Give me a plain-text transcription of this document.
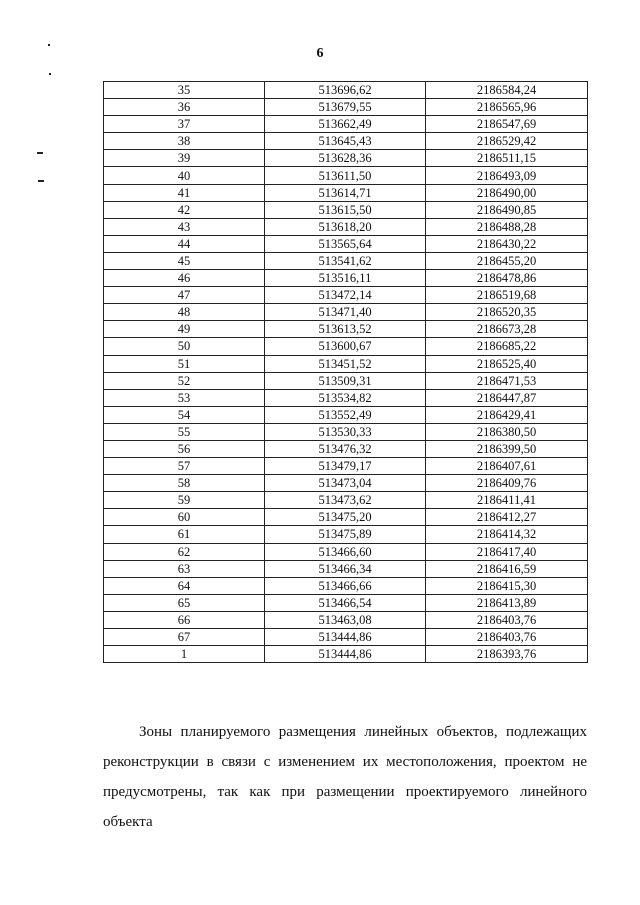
6
35	513696,62	2186584,24
36	513679,55	2186565,96
37	513662,49	2186547,69
38	513645,43	2186529,42
39	513628,36	2186511,15
40	513611,50	2186493,09
41	513614,71	2186490,00
42	513615,50	2186490,85
43	513618,20	2186488,28
44	513565,64	2186430,22
45	513541,62	2186455,20
46	513516,11	2186478,86
47	513472,14	2186519,68
48	513471,40	2186520,35
49	513613,52	2186673,28
50	513600,67	2186685,22
51	513451,52	2186525,40
52	513509,31	2186471,53
53	513534,82	2186447,87
54	513552,49	2186429,41
55	513530,33	2186380,50
56	513476,32	2186399,50
57	513479,17	2186407,61
58	513473,04	2186409,76
59	513473,62	2186411,41
60	513475,20	2186412,27
61	513475,89	2186414,32
62	513466,60	2186417,40
63	513466,34	2186416,59
64	513466,66	2186415,30
65	513466,54	2186413,89
66	513463,08	2186403,76
67	513444,86	2186403,76
1	513444,86	2186393,76
Зоны планируемого размещения линейных объектов, подлежащих
реконструкции в связи с изменением их местоположения, проектом не
предусмотрены, так как при размещении проектируемого линейного объекта
